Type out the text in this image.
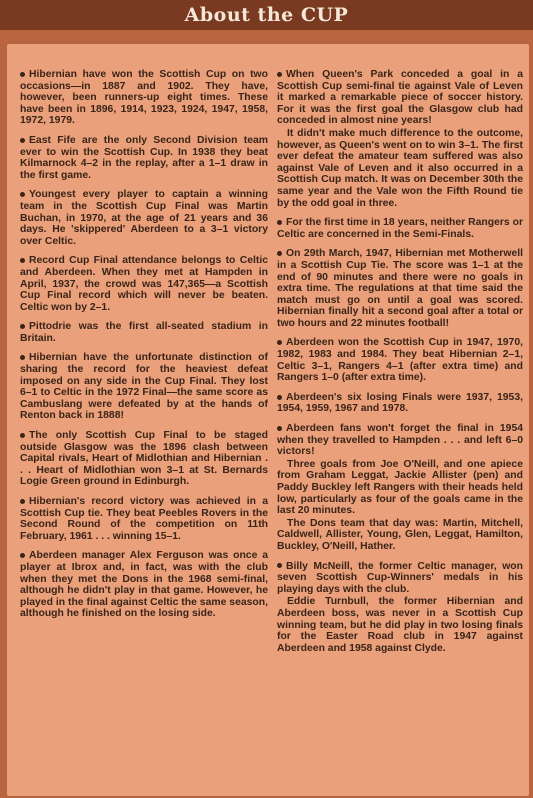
About the CUP

Hibernian have won the Scottish Cup on two occasions—in 1887 and 1902. They have, however, been runners-up eight times. These have been in 1896, 1914, 1923, 1924, 1947, 1958, 1972, 1979.

East Fife are the only Second Division team ever to win the Scottish Cup. In 1938 they beat Kilmarnock 4–2 in the replay, after a 1–1 draw in the first game.

Youngest every player to captain a winning team in the Scottish Cup Final was Martin Buchan, in 1970, at the age of 21 years and 36 days. He 'skippered' Aberdeen to a 3–1 victory over Celtic.

Record Cup Final attendance belongs to Celtic and Aberdeen. When they met at Hampden in April, 1937, the crowd was 147,365—a Scottish Cup Final record which will never be beaten. Celtic won by 2–1.

Pittodrie was the first all-seated stadium in Britain.

Hibernian have the unfortunate distinction of sharing the record for the heaviest defeat imposed on any side in the Cup Final. They lost 6–1 to Celtic in the 1972 Final—the same score as Cambuslang were defeated by at the hands of Renton back in 1888!

The only Scottish Cup Final to be staged outside Glasgow was the 1896 clash between Capital rivals, Heart of Midlothian and Hibernian . . . Heart of Midlothian won 3–1 at St. Bernards Logie Green ground in Edinburgh.

Hibernian's record victory was achieved in a Scottish Cup tie. They beat Peebles Rovers in the Second Round of the competition on 11th February, 1961 . . . winning 15–1.

Aberdeen manager Alex Ferguson was once a player at Ibrox and, in fact, was with the club when they met the Dons in the 1968 semi-final, although he didn't play in that game. However, he played in the final against Celtic the same season, although he finished on the losing side.

When Queen's Park conceded a goal in a Scottish Cup semi-final tie against Vale of Leven it marked a remarkable piece of soccer history. For it was the first goal the Glasgow club had conceded in almost nine years!

It didn't make much difference to the outcome, however, as Queen's went on to win 3–1. The first ever defeat the amateur team suffered was also against Vale of Leven and it also occurred in a Scottish Cup match. It was on December 30th the same year and the Vale won the Fifth Round tie by the odd goal in three.

For the first time in 18 years, neither Rangers or Celtic are concerned in the Semi-Finals.

On 29th March, 1947, Hibernian met Motherwell in a Scottish Cup Tie. The score was 1–1 at the end of 90 minutes and there were no goals in extra time. The regulations at that time said the match must go on until a goal was scored. Hibernian finally hit a second goal after a total or two hours and 22 minutes football!

Aberdeen won the Scottish Cup in 1947, 1970, 1982, 1983 and 1984. They beat Hibernian 2–1, Celtic 3–1, Rangers 4–1 (after extra time) and Rangers 1–0 (after extra time).

Aberdeen's six losing Finals were 1937, 1953, 1954, 1959, 1967 and 1978.

Aberdeen fans won't forget the final in 1954 when they travelled to Hampden . . . and left 6–0 victors!

Three goals from Joe O'Neill, and one apiece from Graham Leggat, Jackie Allister (pen) and Paddy Buckley left Rangers with their heads held low, particularly as four of the goals came in the last 20 minutes.

The Dons team that day was: Martin, Mitchell, Caldwell, Allister, Young, Glen, Leggat, Hamilton, Buckley, O'Neill, Hather.

Billy McNeill, the former Celtic manager, won seven Scottish Cup-Winners' medals in his playing days with the club.

Eddie Turnbull, the former Hibernian and Aberdeen boss, was never in a Scottish Cup winning team, but he did play in two losing finals for the Easter Road club in 1947 against Aberdeen and 1958 against Clyde.
